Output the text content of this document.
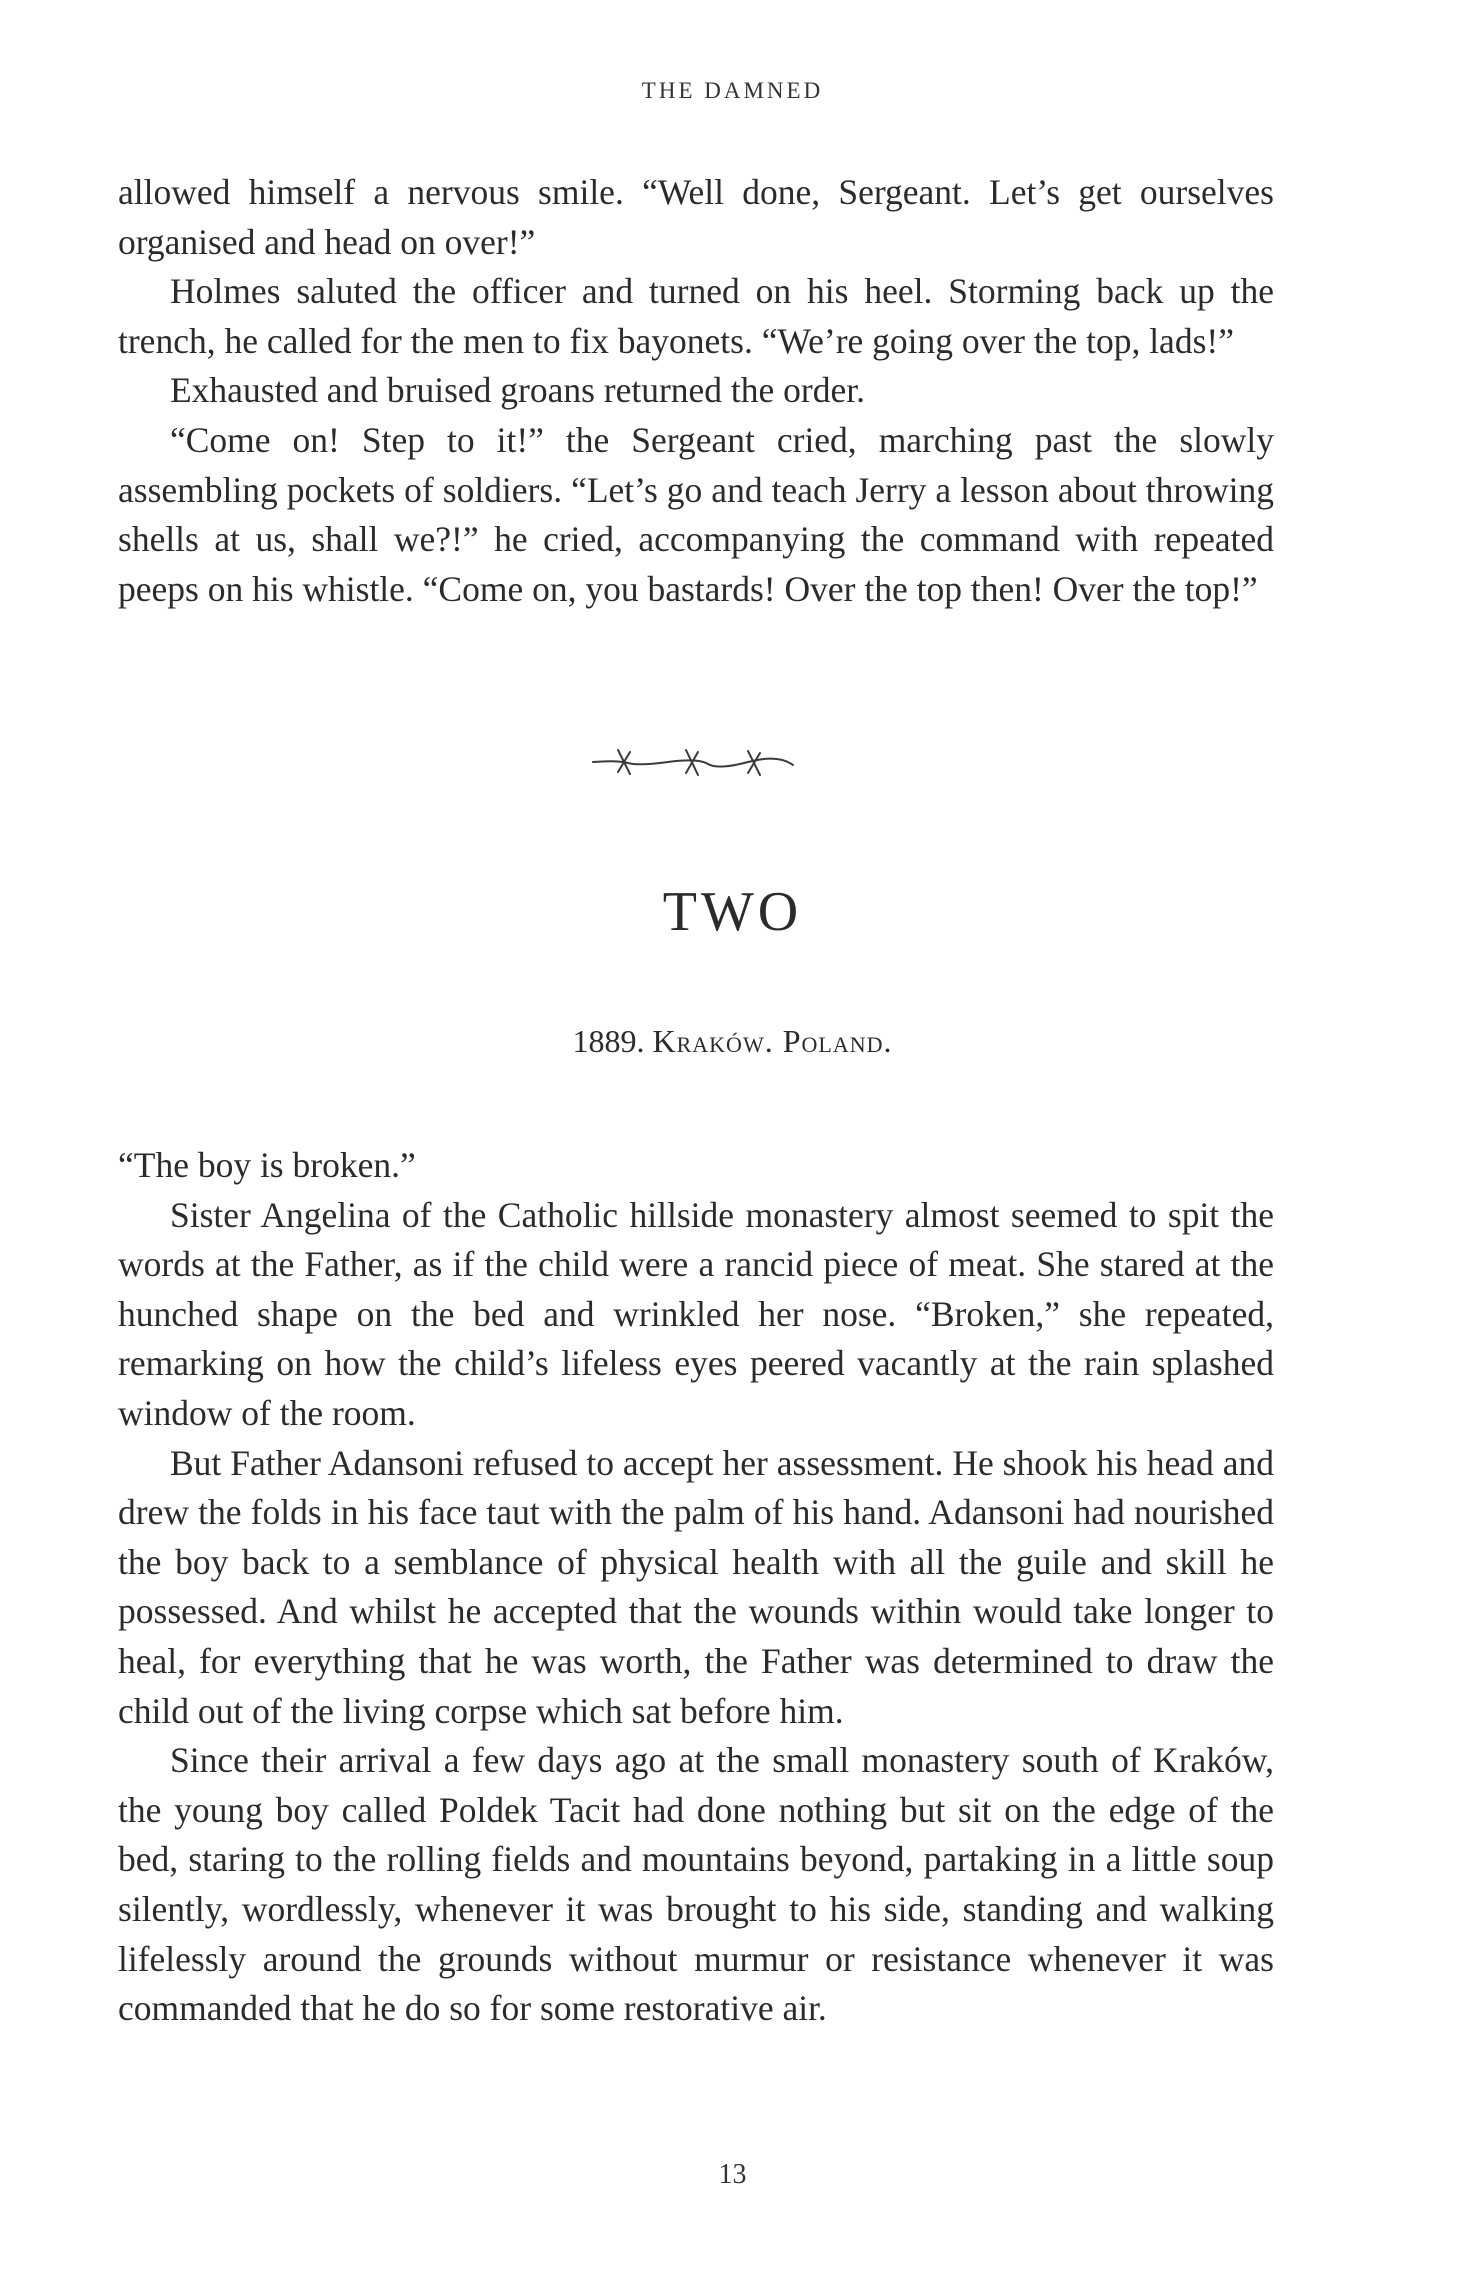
THE DAMNED

allowed himself a nervous smile. “Well done, Sergeant. Let’s get ourselves organised and head on over!”

Holmes saluted the officer and turned on his heel. Storming back up the trench, he called for the men to fix bayonets. “We’re going over the top, lads!”

Exhausted and bruised groans returned the order.

“Come on! Step to it!” the Sergeant cried, marching past the slowly assembling pockets of soldiers. “Let’s go and teach Jerry a lesson about throwing shells at us, shall we?!” he cried, accompanying the command with repeated peeps on his whistle. “Come on, you bastards! Over the top then! Over the top!”

TWO
1889. Kraków. Poland.

“The boy is broken.”

Sister Angelina of the Catholic hillside monastery almost seemed to spit the words at the Father, as if the child were a rancid piece of meat. She stared at the hunched shape on the bed and wrinkled her nose. “Broken,” she repeated, remarking on how the child’s lifeless eyes peered vacantly at the rain splashed window of the room.

But Father Adansoni refused to accept her assessment. He shook his head and drew the folds in his face taut with the palm of his hand. Adansoni had nourished the boy back to a semblance of physical health with all the guile and skill he possessed. And whilst he accepted that the wounds within would take longer to heal, for everything that he was worth, the Father was determined to draw the child out of the living corpse which sat before him.

Since their arrival a few days ago at the small monastery south of Kraków, the young boy called Poldek Tacit had done nothing but sit on the edge of the bed, staring to the rolling fields and mountains beyond, partaking in a little soup silently, wordlessly, whenever it was brought to his side, standing and walking lifelessly around the grounds without murmur or resistance whenever it was commanded that he do so for some restorative air.

13
